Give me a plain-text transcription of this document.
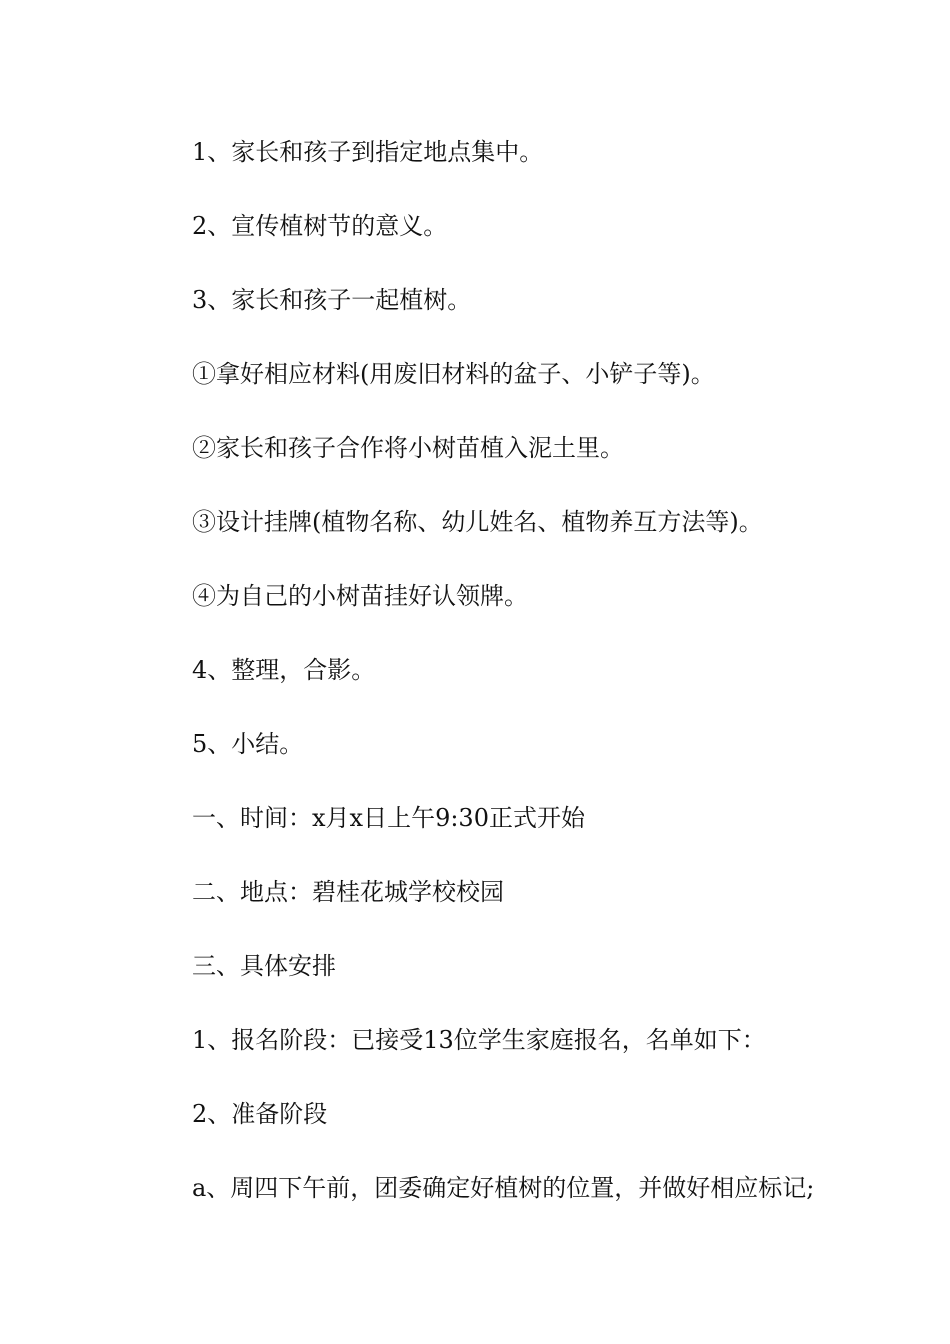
1、家长和孩子到指定地点集中。

2、宣传植树节的意义。

3、家长和孩子一起植树。

①拿好相应材料(用废旧材料的盆子、小铲子等)。

②家长和孩子合作将小树苗植入泥土里。

③设计挂牌(植物名称、幼儿姓名、植物养互方法等)。

④为自己的小树苗挂好认领牌。

4、整理，合影。

5、小结。

一、时间：x月x日上午9:30正式开始

二、地点：碧桂花城学校校园

三、具体安排

1、报名阶段：已接受13位学生家庭报名，名单如下：

2、准备阶段

a、周四下午前，团委确定好植树的位置，并做好相应标记;
